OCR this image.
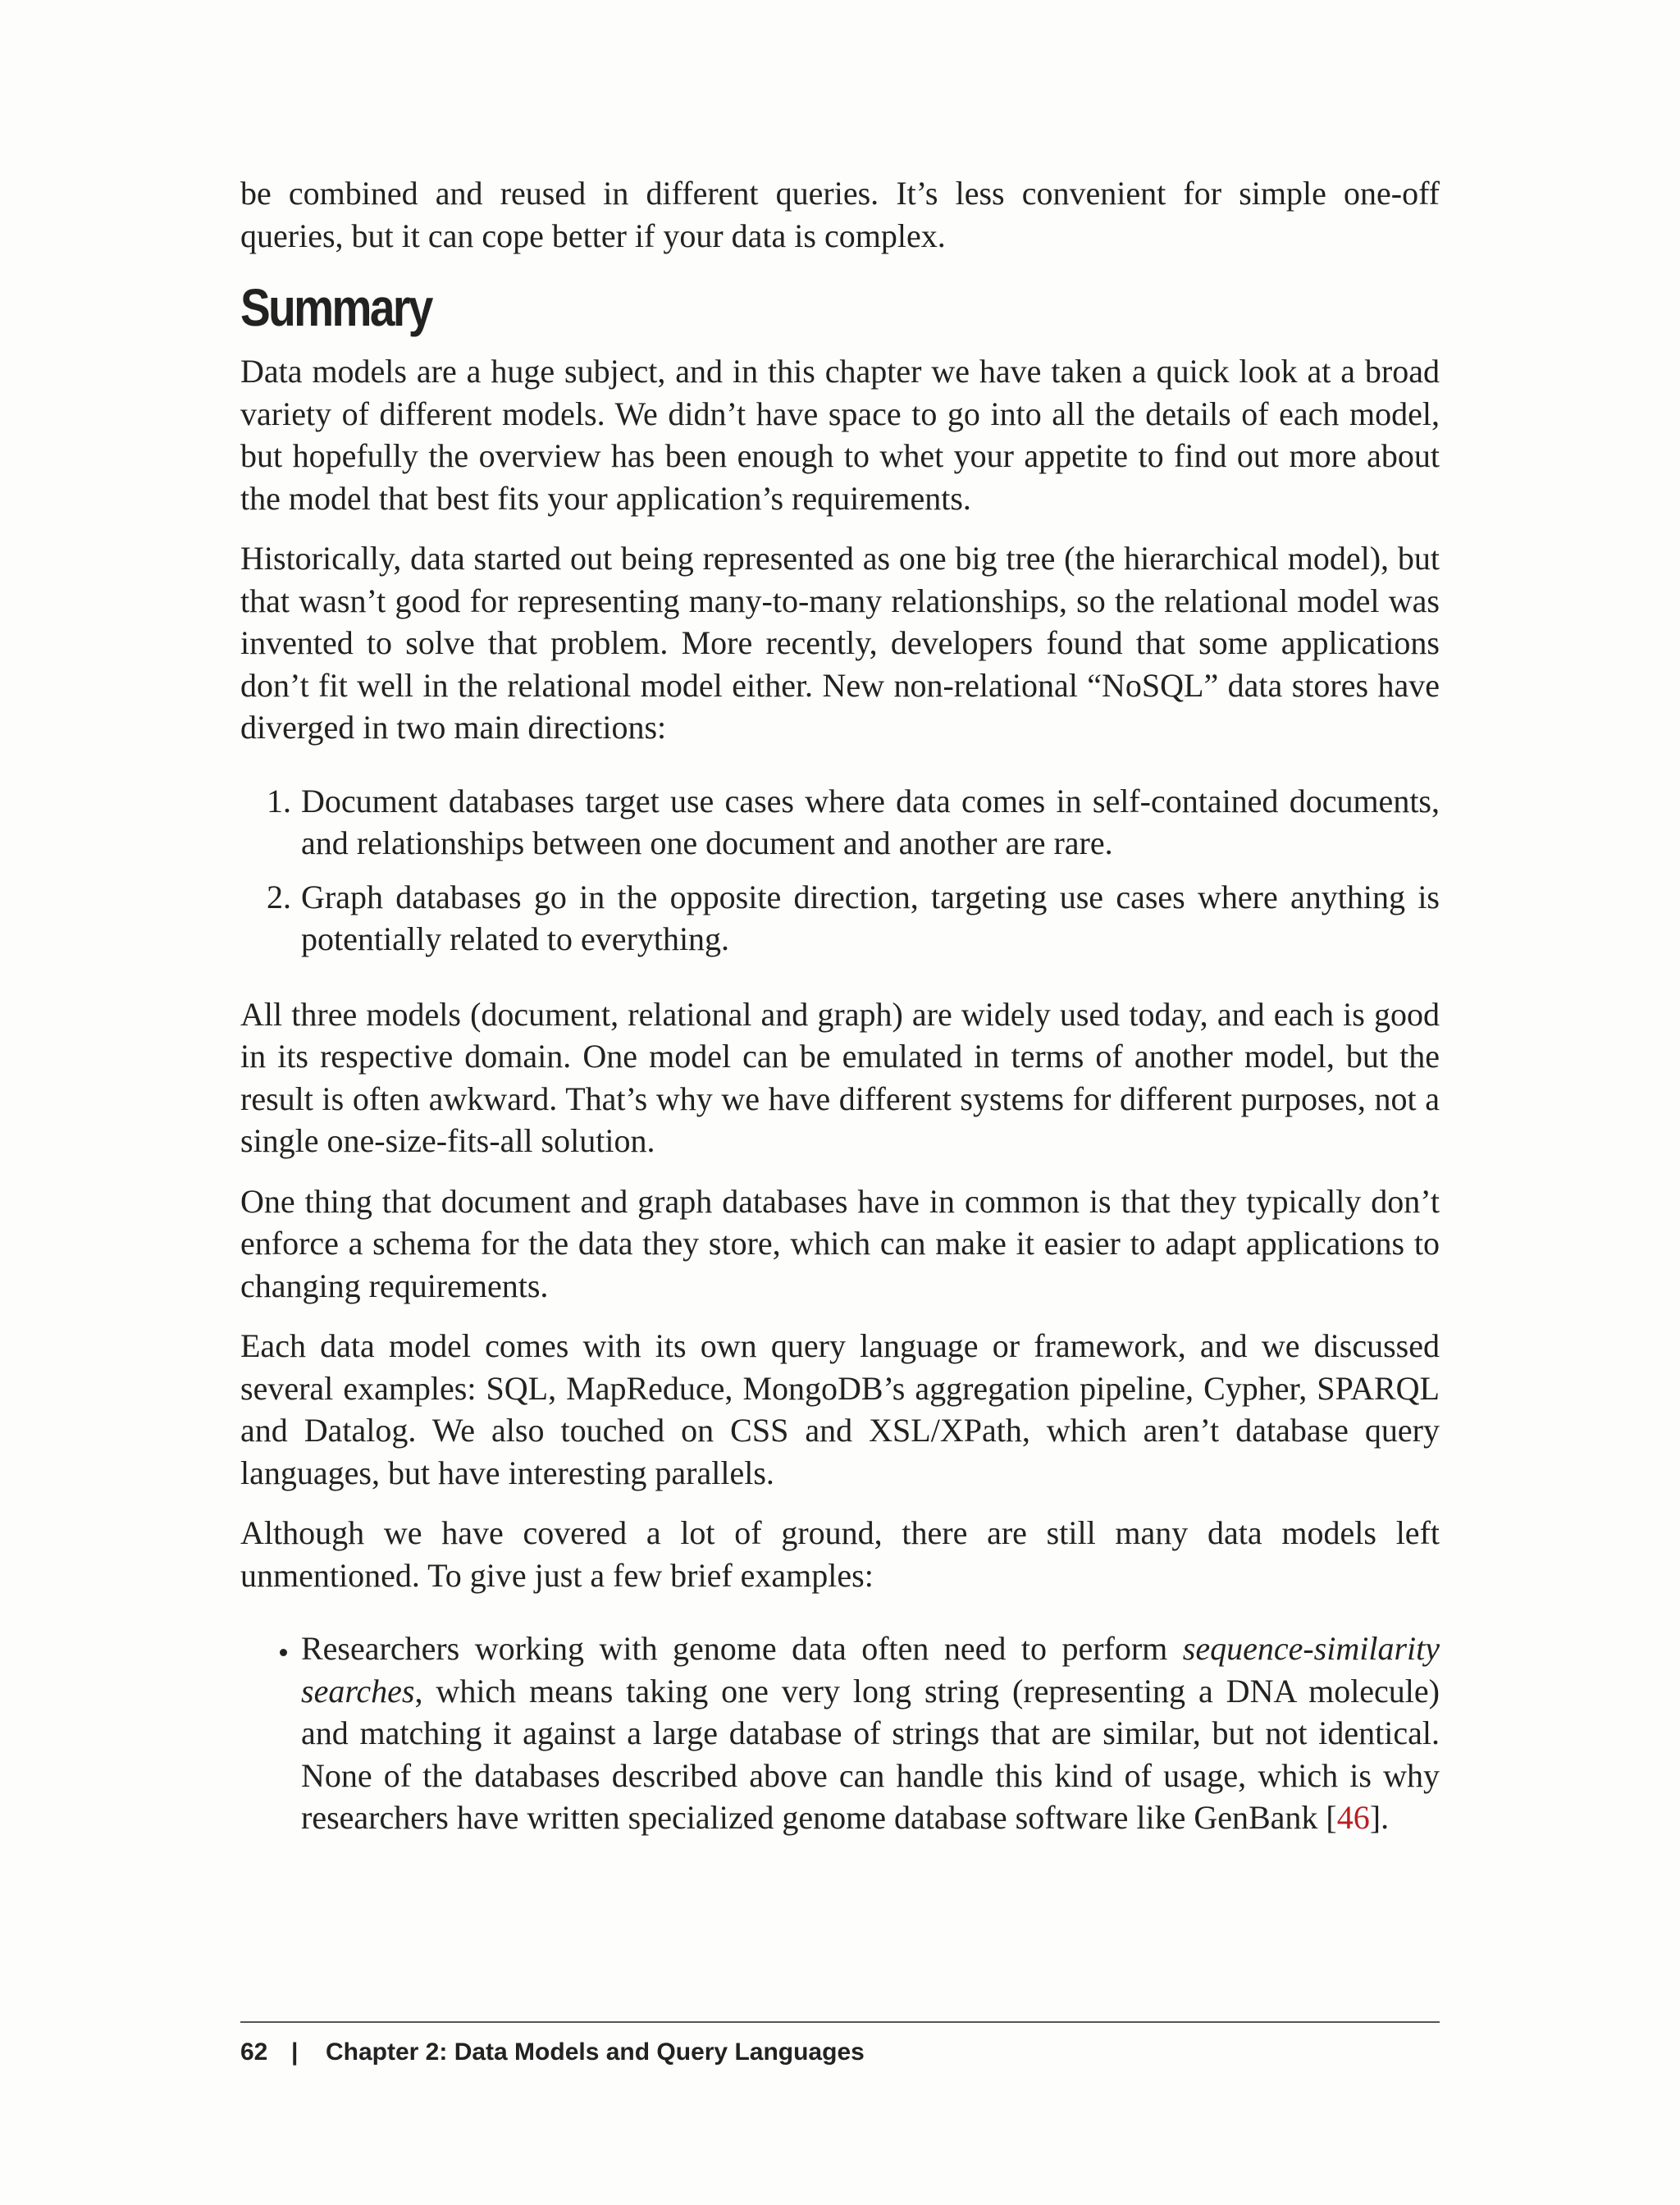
be combined and reused in different queries. It’s less convenient for simple one-off queries, but it can cope better if your data is complex.

Summary

Data models are a huge subject, and in this chapter we have taken a quick look at a broad variety of different models. We didn’t have space to go into all the details of each model, but hopefully the overview has been enough to whet your appetite to find out more about the model that best fits your application’s requirements.

Historically, data started out being represented as one big tree (the hierarchical model), but that wasn’t good for representing many-to-many relationships, so the relational model was invented to solve that problem. More recently, developers found that some applications don’t fit well in the relational model either. New non-relational “NoSQL” data stores have diverged in two main directions:

1. Document databases target use cases where data comes in self-contained documents, and relationships between one document and another are rare.
2. Graph databases go in the opposite direction, targeting use cases where anything is potentially related to everything.

All three models (document, relational and graph) are widely used today, and each is good in its respective domain. One model can be emulated in terms of another model, but the result is often awkward. That’s why we have different systems for different purposes, not a single one-size-fits-all solution.

One thing that document and graph databases have in common is that they typically don’t enforce a schema for the data they store, which can make it easier to adapt applications to changing requirements.

Each data model comes with its own query language or framework, and we discussed several examples: SQL, MapReduce, MongoDB’s aggregation pipeline, Cypher, SPARQL and Datalog. We also touched on CSS and XSL/XPath, which aren’t database query languages, but have interesting parallels.

Although we have covered a lot of ground, there are still many data models left unmentioned. To give just a few brief examples:

• Researchers working with genome data often need to perform sequence-similarity searches, which means taking one very long string (representing a DNA molecule) and matching it against a large database of strings that are similar, but not identical. None of the databases described above can handle this kind of usage, which is why researchers have written specialized genome database software like GenBank [46].
62 | Chapter 2: Data Models and Query Languages
